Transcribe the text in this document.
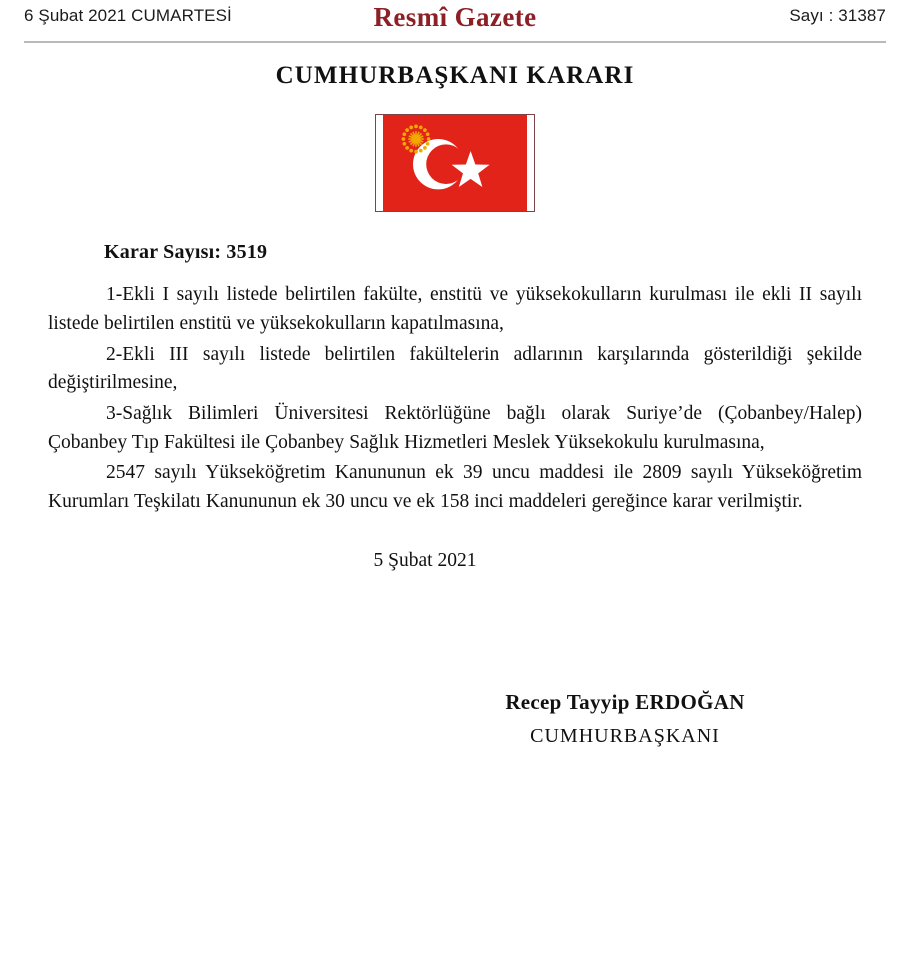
6 Şubat 2021 CUMARTESİ	Sayı : 31387
Resmî Gazete
CUMHURBAŞKANI KARARI
Karar Sayısı: 3519

1-Ekli I sayılı listede belirtilen fakülte, enstitü ve yüksekokulların kurulması ile ekli II sayılı listede belirtilen enstitü ve yüksekokulların kapatılmasına,

2-Ekli III sayılı listede belirtilen fakültelerin adlarının karşılarında gösterildiği şekilde değiştirilmesine,

3-Sağlık Bilimleri Üniversitesi Rektörlüğüne bağlı olarak Suriye’de (Çobanbey/Halep) Çobanbey Tıp Fakültesi ile Çobanbey Sağlık Hizmetleri Meslek Yüksekokulu kurulmasına,

2547 sayılı Yükseköğretim Kanununun ek 39 uncu maddesi ile 2809 sayılı Yükseköğretim Kurumları Teşkilatı Kanununun ek 30 uncu ve ek 158 inci maddeleri gereğince karar verilmiştir.

5 Şubat 2021
Recep Tayyip ERDOĞAN
CUMHURBAŞKANI
